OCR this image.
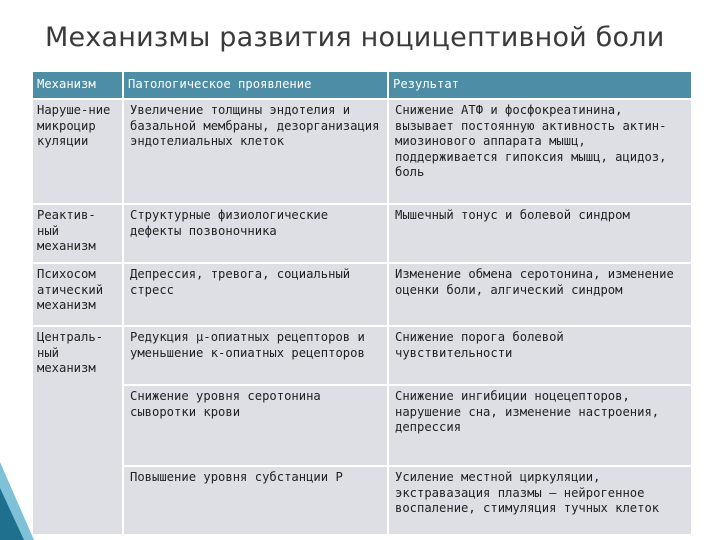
Механизмы развития ноцицептивной боли
Механизм	Патологическое проявление	Результат
Наруше-ние микроцир куляции	Увеличение толщины эндотелия и базальной мембраны, дезорганизация эндотелиальных клеток	Снижение АТФ и фосфокреатинина, вызывает постоянную активность актин-миозинового аппарата мышц, поддерживается гипоксия мышц, ацидоз, боль
Реактив-ный механизм	Структурные физиологические дефекты позвоночника	Мышечный тонус и болевой синдром
Психосом атический механизм	Депрессия, тревога, социальный стресс	Изменение обмена серотонина, изменение оценки боли, алгический синдром
Централь-ный механизм	Редукция μ-опиатных рецепторов и уменьшение κ-опиатных рецепторов	Снижение порога болевой чувствительности
	Снижение уровня серотонина сыворотки крови	Снижение ингибиции ноцецепторов, нарушение сна, изменение настроения, депрессия
	Повышение уровня субстанции Р	Усиление местной циркуляции, экстравазация плазмы – нейрогенное воспаление, стимуляция тучных клеток
